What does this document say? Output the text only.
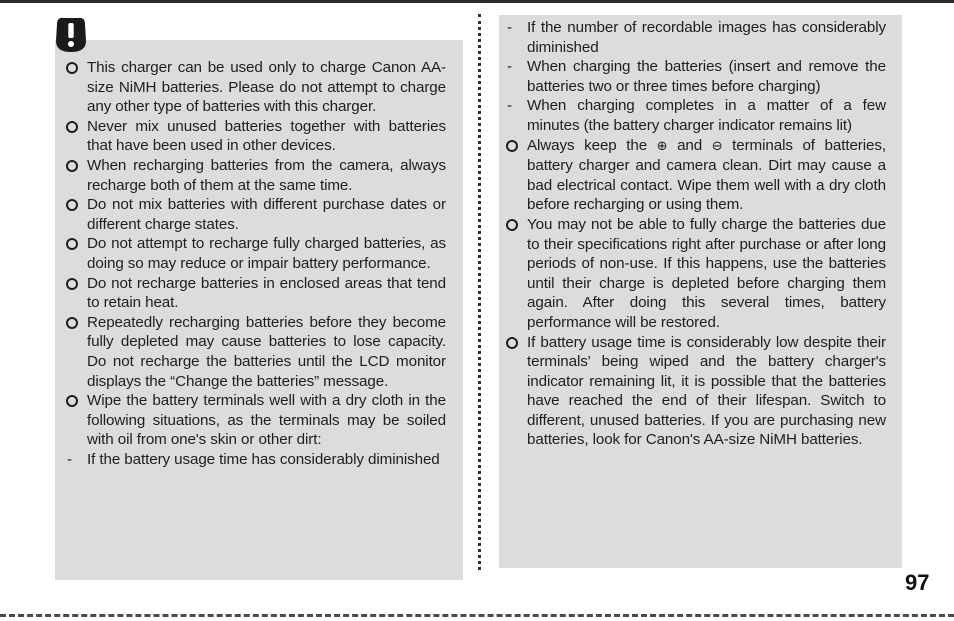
This charger can be used only to charge Canon AA-size NiMH batteries. Please do not attempt to charge any other type of batteries with this charger.
Never mix unused batteries together with batteries that have been used in other devices.
When recharging batteries from the camera, always recharge both of them at the same time.
Do not mix batteries with different purchase dates or different charge states.
Do not attempt to recharge fully charged batteries, as doing so may reduce or impair battery performance.
Do not recharge batteries in enclosed areas that tend to retain heat.
Repeatedly recharging batteries before they become fully depleted may cause batteries to lose capacity. Do not recharge the batteries until the LCD monitor displays the “Change the batteries” message.
Wipe the battery terminals well with a dry cloth in the following situations, as the terminals may be soiled with oil from one's skin or other dirt:
- If the battery usage time has considerably diminished
- If the number of recordable images has considerably diminished
- When charging the batteries (insert and remove the batteries two or three times before charging)
- When charging completes in a matter of a few minutes (the battery charger indicator remains lit)
Always keep the ⊕ and ⊖ terminals of batteries, battery charger and camera clean. Dirt may cause a bad electrical contact. Wipe them well with a dry cloth before recharging or using them.
You may not be able to fully charge the batteries due to their specifications right after purchase or after long periods of non-use. If this happens, use the batteries until their charge is depleted before charging them again. After doing this several times, battery performance will be restored.
If battery usage time is considerably low despite their terminals' being wiped and the battery charger's indicator remaining lit, it is possible that the batteries have reached the end of their lifespan. Switch to different, unused batteries. If you are purchasing new batteries, look for Canon's AA-size NiMH batteries.
97
